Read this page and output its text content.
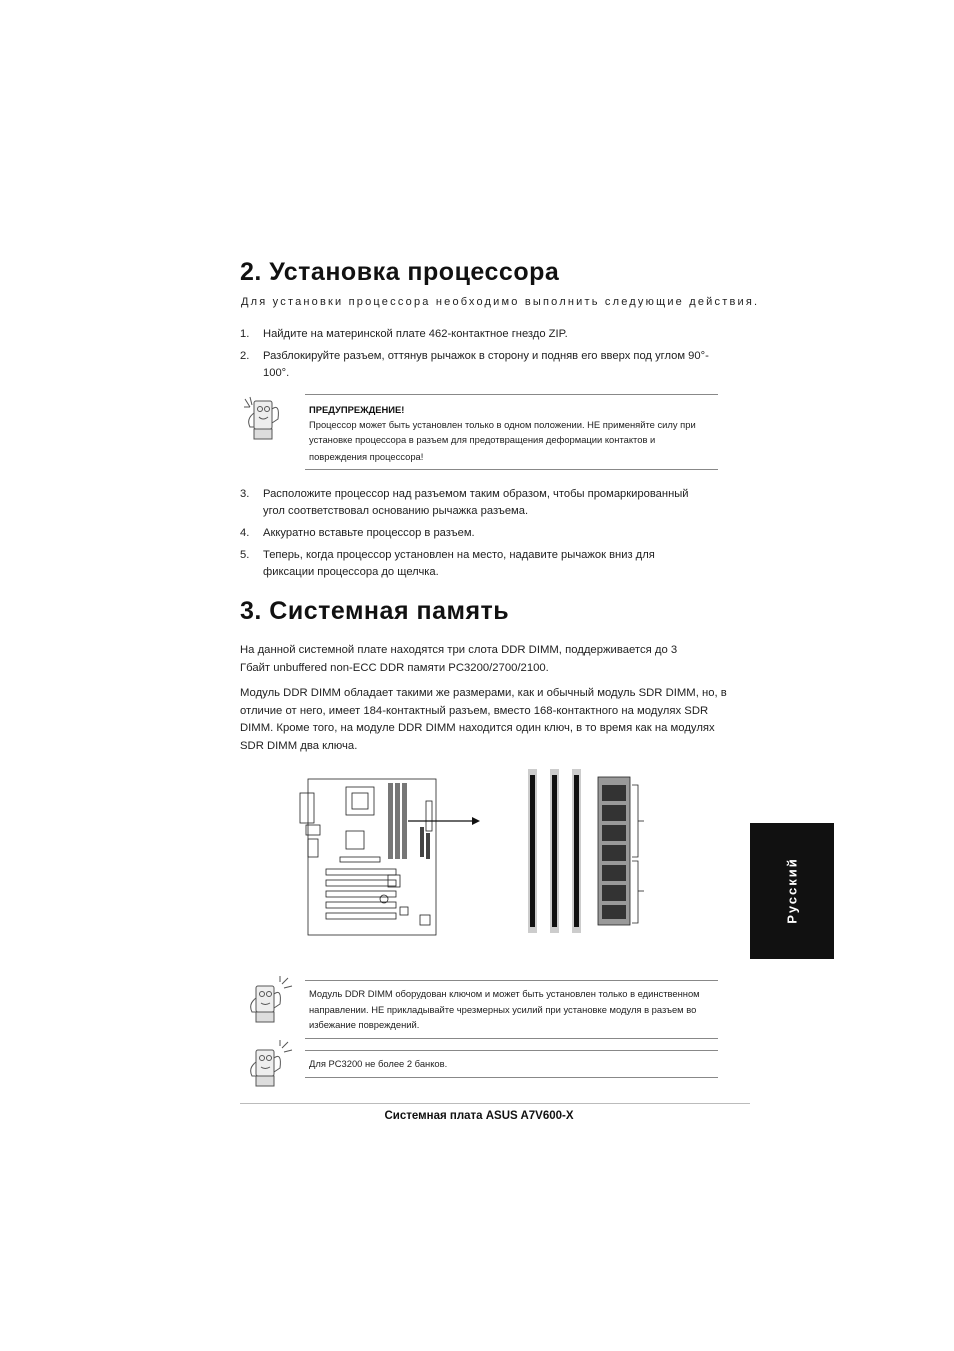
2. Установка процессора
Для установки процессора необходимо выполнить следующие действия.
1. Найдите на материнской плате 462-контактное гнездо ZIP.
2. Разблокируйте разъем, оттянув рычажок в сторону и подняв его вверх под углом 90°-
100°.
ПРЕДУПРЕЖДЕНИЕ!
Процессор может быть установлен только в одном положении. НЕ применяйте силу при
установке процессора в разъем для предотвращения деформации контактов и
повреждения процессора!
3. Расположите процессор над разъемом таким образом, чтобы промаркированный
угол соответствовал основанию рычажка разъема.
4. Аккуратно вставьте процессор в разъем.
5. Теперь, когда процессор установлен на место, надавите рычажок вниз для
фиксации процессора до щелчка.
3. Системная память
На данной системной плате находятся три слота DDR DIMM, поддерживается до 3
Гбайт unbuffered non-ECC DDR памяти PC3200/2700/2100.
Модуль DDR DIMM обладает такими же размерами, как и обычный модуль SDR DIMM, но, в
отличие от него, имеет 184-контактный разъем, вместо 168-контактного на модулях SDR
DIMM. Кроме того, на модуле DDR DIMM находится один ключ, в то время как на модулях
SDR DIMM два ключа.
Модуль DDR DIMM оборудован ключом и может быть установлен только в единственном
направлении. НЕ прикладывайте чрезмерных усилий при установке модуля в разъем во
избежание повреждений.
Для PC3200 не более 2 банков.
Русский
Системная плата ASUS A7V600-X
